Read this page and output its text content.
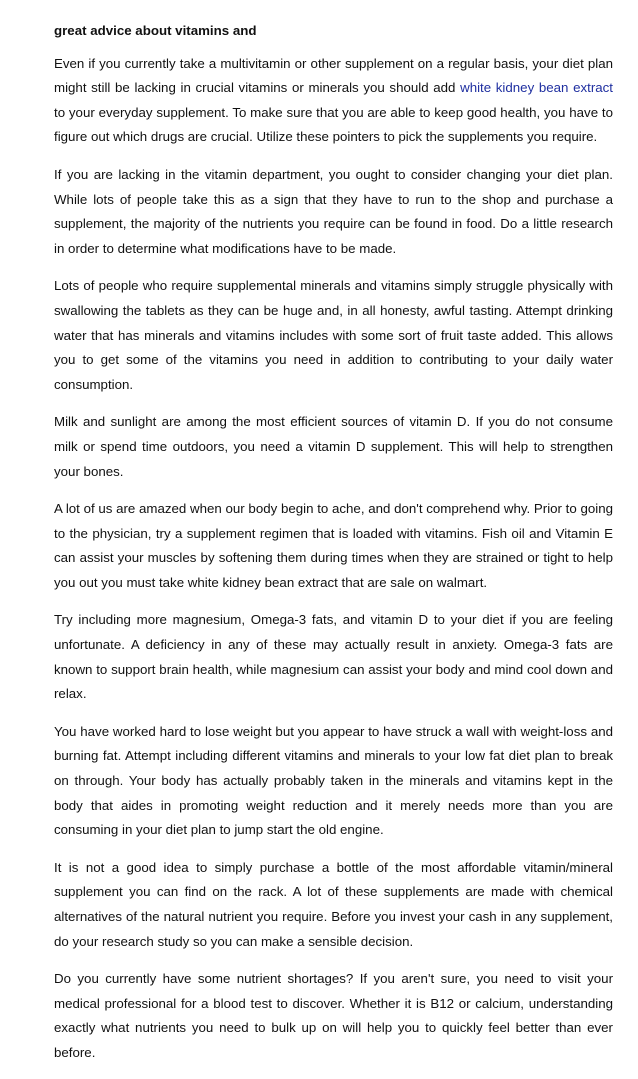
great advice about vitamins and

Even if you currently take a multivitamin or other supplement on a regular basis, your diet plan might still be lacking in crucial vitamins or minerals you should add white kidney bean extract to your everyday supplement. To make sure that you are able to keep good health, you have to figure out which drugs are crucial. Utilize these pointers to pick the supplements you require.

If you are lacking in the vitamin department, you ought to consider changing your diet plan. While lots of people take this as a sign that they have to run to the shop and purchase a supplement, the majority of the nutrients you require can be found in food. Do a little research in order to determine what modifications have to be made.

Lots of people who require supplemental minerals and vitamins simply struggle physically with swallowing the tablets as they can be huge and, in all honesty, awful tasting. Attempt drinking water that has minerals and vitamins includes with some sort of fruit taste added. This allows you to get some of the vitamins you need in addition to contributing to your daily water consumption.

Milk and sunlight are among the most efficient sources of vitamin D. If you do not consume milk or spend time outdoors, you need a vitamin D supplement. This will help to strengthen your bones.

A lot of us are amazed when our body begin to ache, and don't comprehend why. Prior to going to the physician, try a supplement regimen that is loaded with vitamins. Fish oil and Vitamin E can assist your muscles by softening them during times when they are strained or tight to help you out you must take white kidney bean extract that are sale on walmart.

Try including more magnesium, Omega-3 fats, and vitamin D to your diet if you are feeling unfortunate. A deficiency in any of these may actually result in anxiety. Omega-3 fats are known to support brain health, while magnesium can assist your body and mind cool down and relax.

You have worked hard to lose weight but you appear to have struck a wall with weight-loss and burning fat. Attempt including different vitamins and minerals to your low fat diet plan to break on through. Your body has actually probably taken in the minerals and vitamins kept in the body that aides in promoting weight reduction and it merely needs more than you are consuming in your diet plan to jump start the old engine.

It is not a good idea to simply purchase a bottle of the most affordable vitamin/mineral supplement you can find on the rack. A lot of these supplements are made with chemical alternatives of the natural nutrient you require. Before you invest your cash in any supplement, do your research study so you can make a sensible decision.

Do you currently have some nutrient shortages? If you aren't sure, you need to visit your medical professional for a blood test to discover. Whether it is B12 or calcium, understanding exactly what nutrients you need to bulk up on will help you to quickly feel better than ever before.
